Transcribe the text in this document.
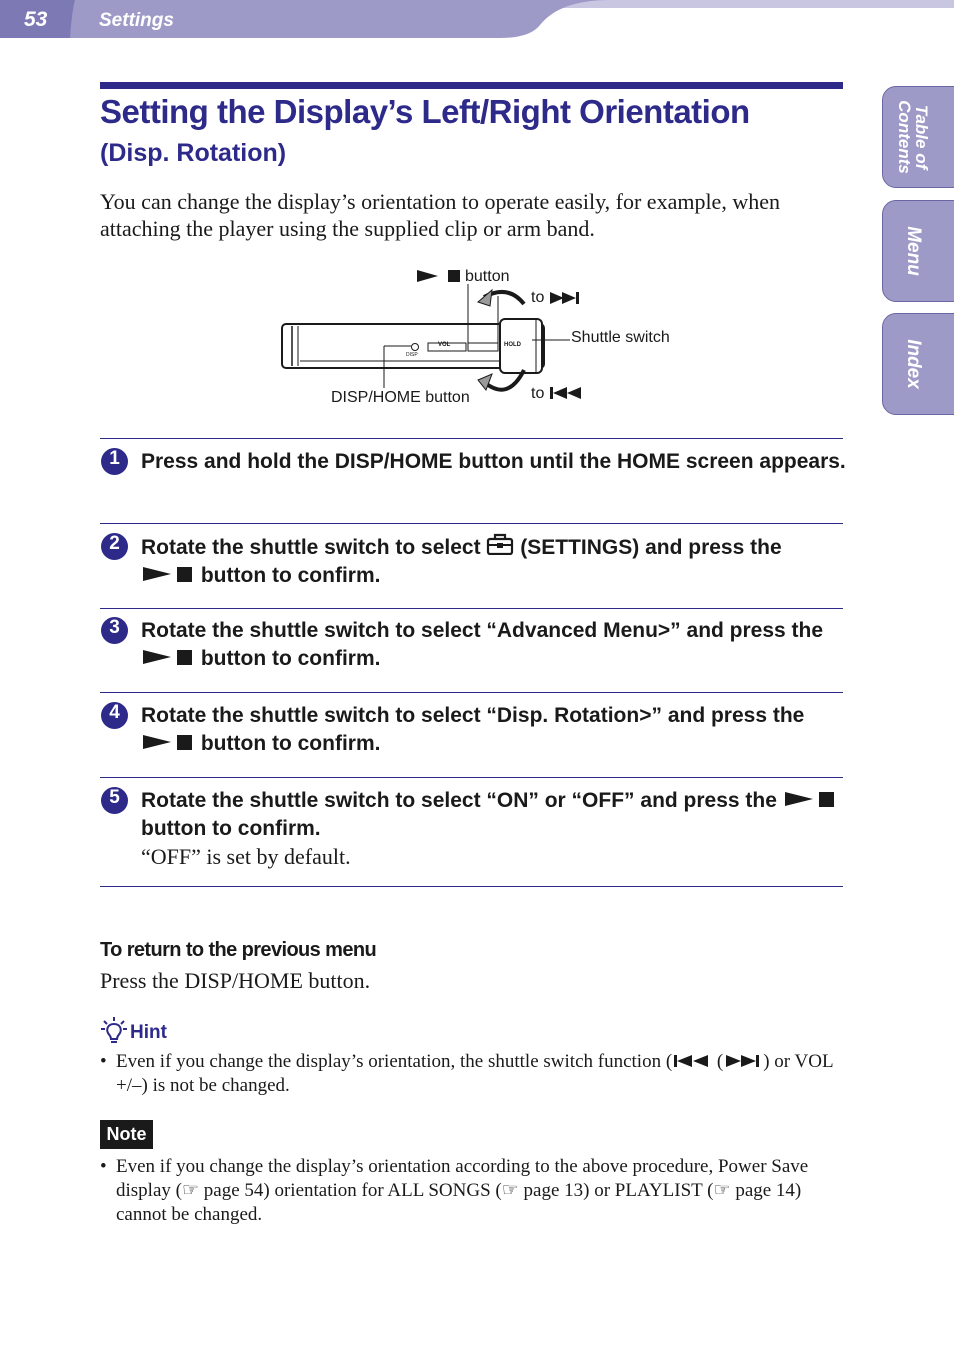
53	Settings
Table of Contents
Menu
Index
Setting the Display’s Left/Right Orientation
(Disp. Rotation)
You can change the display’s orientation to operate easily, for example, when attaching the player using the supplied clip or arm band.
VOL	HOLD
DISP
button
to
Shuttle switch
DISP/HOME button	to
1	Press and hold the DISP/HOME button until the HOME screen appears.
2	Rotate the shuttle switch to select (SETTINGS) and press the
button to confirm.
3	Rotate the shuttle switch to select “Advanced Menu>” and press the
button to confirm.
4	Rotate the shuttle switch to select “Disp. Rotation>” and press the
button to confirm.
5	Rotate the shuttle switch to select “ON” or “OFF” and press the
button to confirm.
“OFF” is set by default.
To return to the previous menu
Press the DISP/HOME button.
Hint
• Even if you change the display’s orientation, the shuttle switch function ( ( ) or VOL +/–) is not be changed.
Note
• Even if you change the display’s orientation according to the above procedure, Power Save display (☞ page 54) orientation for ALL SONGS (☞ page 13) or PLAYLIST (☞ page 14) cannot be changed.
